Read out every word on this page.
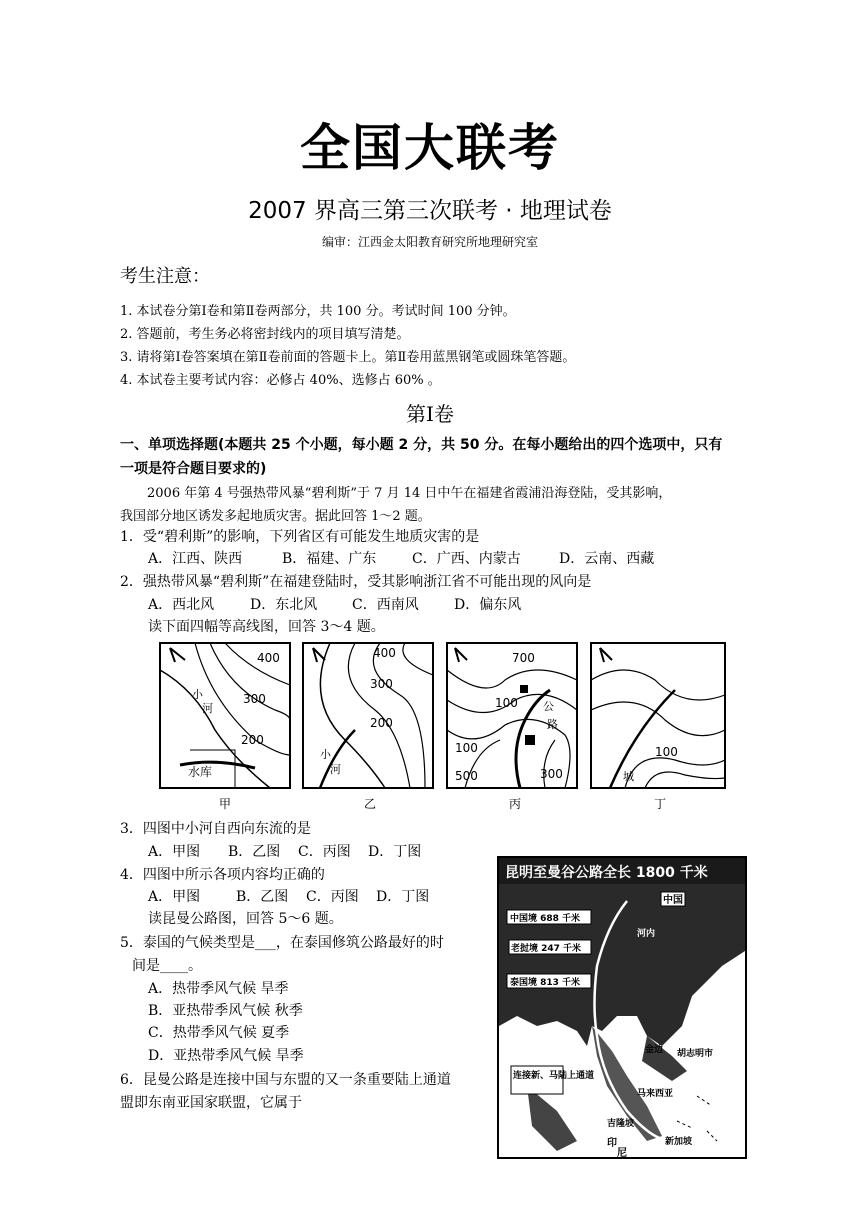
全国大联考
2007 界高三第三次联考 · 地理试卷
编审：江西金太阳教育研究所地理研究室
考生注意：
1. 本试卷分第Ⅰ卷和第Ⅱ卷两部分，共 100 分。考试时间 100 分钟。
2. 答题前，考生务必将密封线内的项目填写清楚。
3. 请将第Ⅰ卷答案填在第Ⅱ卷前面的答题卡上。第Ⅱ卷用蓝黑钢笔或圆珠笔答题。
4. 本试卷主要考试内容：必修占 40%、选修占 60% 。
第Ⅰ卷
一、单项选择题(本题共 25 个小题，每小题 2 分，共 50 分。在每小题给出的四个选项中，只有
一项是符合题目要求的)
2006 年第 4 号强热带风暴“碧利斯”于 7 月 14 日中午在福建省霞浦沿海登陆，受其影响，
我国部分地区诱发多起地质灾害。据此回答 1～2 题。
1．受“碧利斯”的影响，下列省区有可能发生地质灾害的是
A．江西、陕西	B．福建、广东	C．广西、内蒙古	D．云南、西藏
2．强热带风暴“碧利斯”在福建登陆时，受其影响浙江省不可能出现的风向是
A．西北风	D．东北风 C．西南风	D．偏东风
读下面四幅等高线图，回答 3～4 题。
400
300
200
小
河
水库
400
300
200
小
河
700
100
100
500	300
公
路
100
城
甲	乙	丙	丁
3．四图中小河自西向东流的是
A．甲图 B．乙图 C．丙图 D．丁图
4．四图中所示各项内容均正确的
A．甲图	B．乙图 C．丙图 D．丁图
读昆曼公路图，回答 5～6 题。
5．泰国的气候类型是___，在泰国修筑公路最好的时
间是____。
A．热带季风气候 旱季
B．亚热带季风气候 秋季
C．热带季风气候 夏季
D．亚热带季风气候 旱季
6．昆曼公路是连接中国与东盟的又一条重要陆上通道
盟即东南亚国家联盟，它属于
昆明至曼谷公路全长 1800 千米
中国境 688 千米
老挝境 247 千米
泰国境 813 千米
中国
河内
仰光
金边 胡志明市
连接新、马陆上通道
马来西亚
吉隆坡
新加坡
印
尼
